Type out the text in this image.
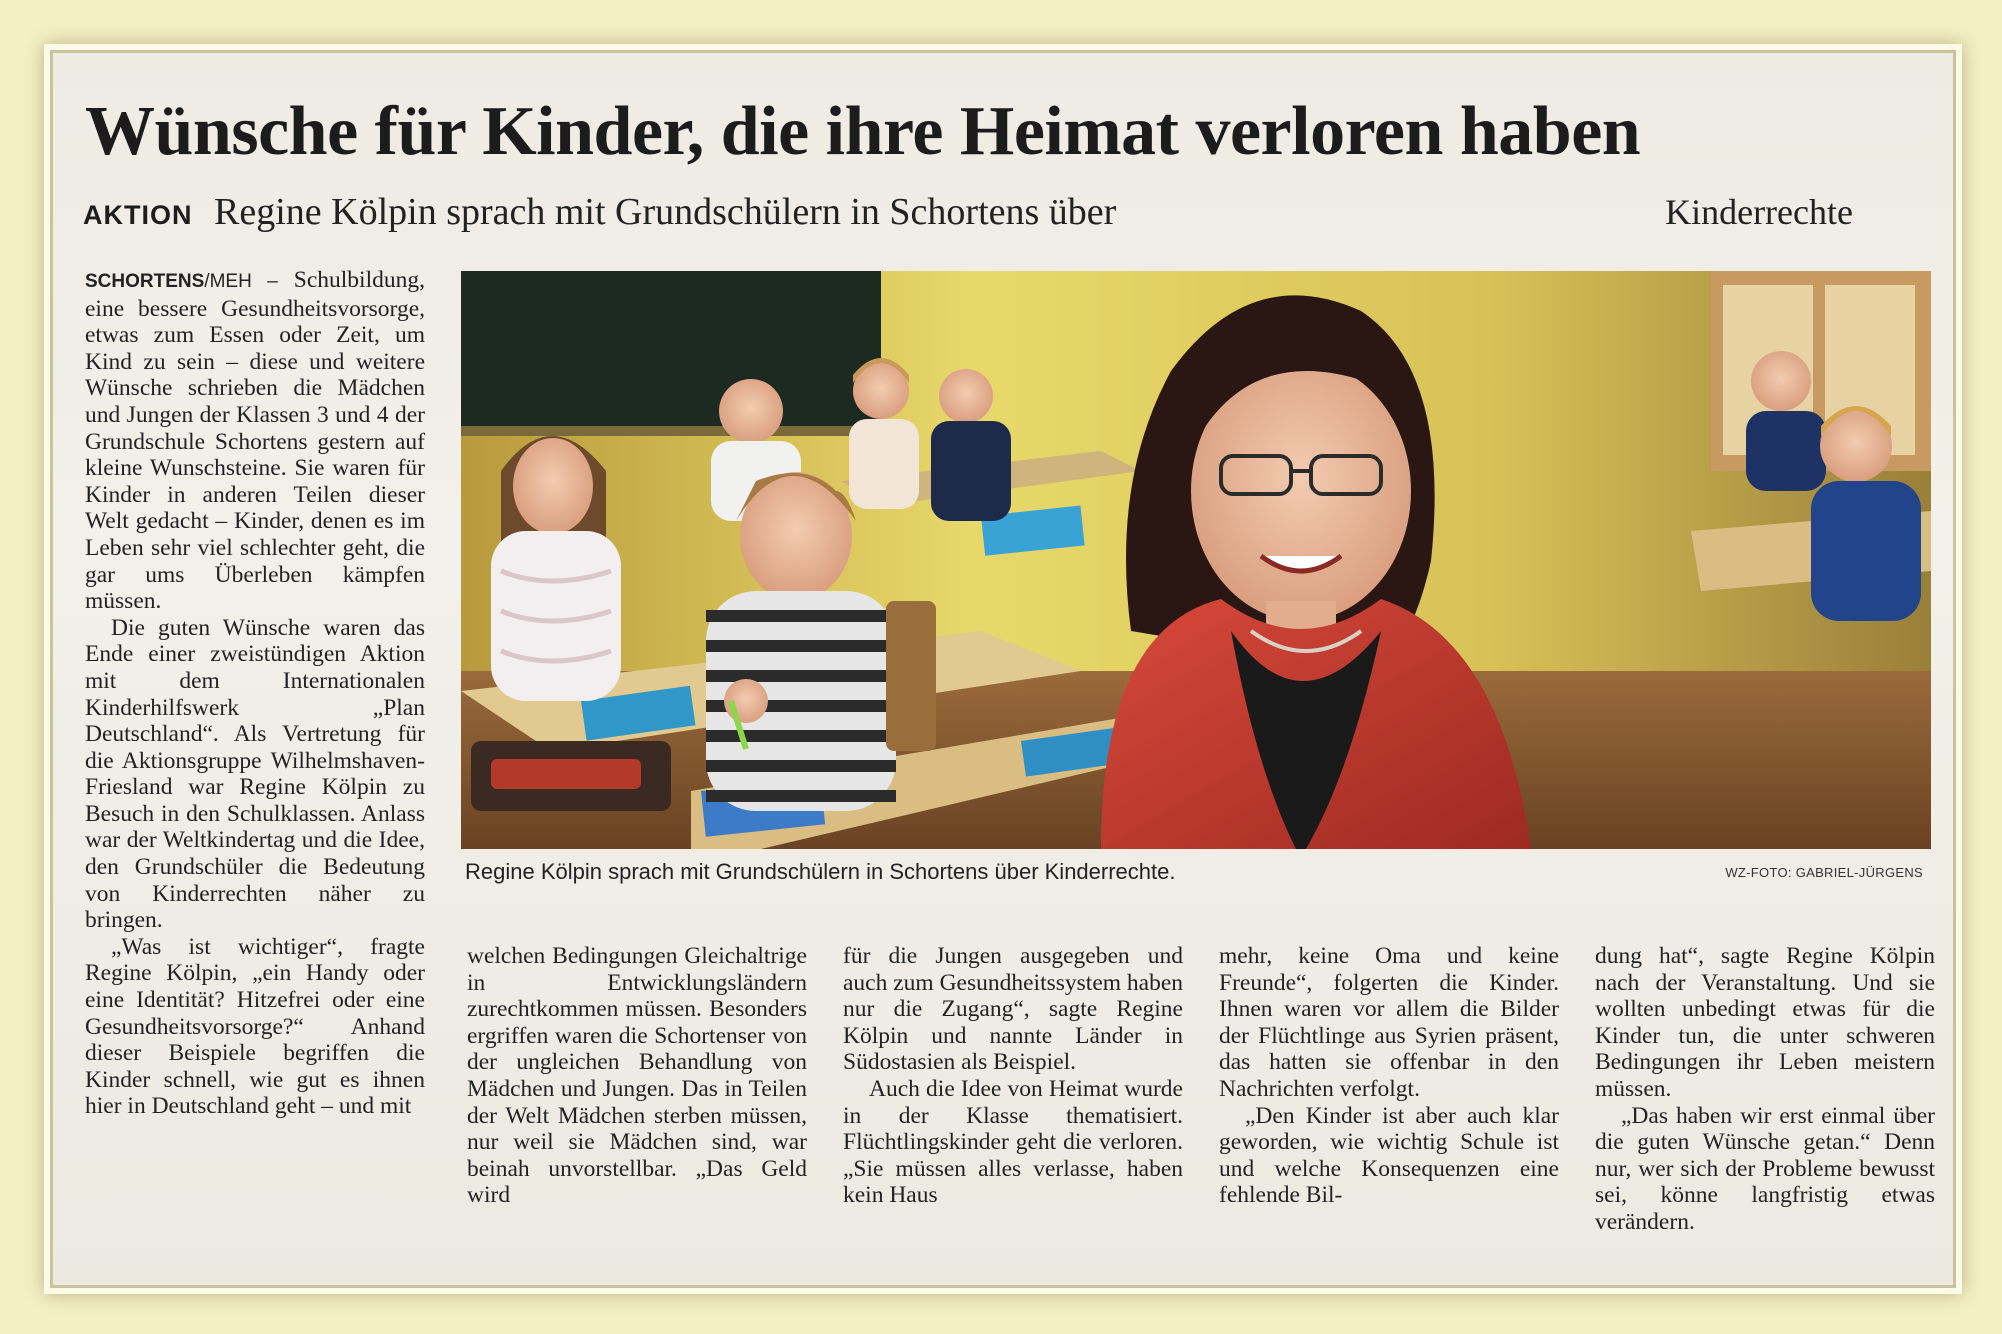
Wünsche für Kinder, die ihre Heimat verloren haben
AKTION Regine Kölpin sprach mit Grundschülern in Schortens über	Kinderrechte

SCHORTENS/MEH – Schulbildung, eine bessere Gesundheitsvorsorge, etwas zum Essen oder Zeit, um Kind zu sein – diese und weitere Wünsche schrieben die Mädchen und Jungen der Klassen 3 und 4 der Grundschule Schortens gestern auf kleine Wunschsteine. Sie waren für Kinder in anderen Teilen dieser Welt gedacht – Kinder, denen es im Leben sehr viel schlechter geht, die gar ums Überleben kämpfen müssen.

Die guten Wünsche waren das Ende einer zweistündigen Aktion mit dem Internationalen Kinderhilfswerk „Plan Deutschland“. Als Vertretung für die Aktionsgruppe Wilhelmshaven-Friesland war Regine Kölpin zu Besuch in den Schulklassen. Anlass war der Weltkindertag und die Idee, den Grundschüler die Bedeutung von Kinderrechten näher zu bringen.

„Was ist wichtiger“, fragte Regine Kölpin, „ein Handy oder eine Identität? Hitzefrei oder eine Gesundheitsvorsorge?“ Anhand dieser Beispiele begriffen die Kinder schnell, wie gut es ihnen hier in Deutschland geht – und mit

Regine Kölpin sprach mit Grundschülern in Schortens über Kinderrechte.	WZ-FOTO: GABRIEL-JÜRGENS

welchen Bedingungen Gleichaltrige in Entwicklungsländern zurechtkommen müssen. Besonders ergriffen waren die Schortenser von der ungleichen Behandlung von Mädchen und Jungen. Das in Teilen der Welt Mädchen sterben müssen, nur weil sie Mädchen sind, war beinah unvorstellbar. „Das Geld wird

für die Jungen ausgegeben und auch zum Gesundheitssystem haben nur die Zugang“, sagte Regine Kölpin und nannte Länder in Südostasien als Beispiel.

Auch die Idee von Heimat wurde in der Klasse thematisiert. Flüchtlingskinder geht die verloren. „Sie müssen alles verlasse, haben kein Haus

mehr, keine Oma und keine Freunde“, folgerten die Kinder. Ihnen waren vor allem die Bilder der Flüchtlinge aus Syrien präsent, das hatten sie offenbar in den Nachrichten verfolgt.

„Den Kinder ist aber auch klar geworden, wie wichtig Schule ist und welche Konsequenzen eine fehlende Bil-

dung hat“, sagte Regine Kölpin nach der Veranstaltung. Und sie wollten unbedingt etwas für die Kinder tun, die unter schweren Bedingungen ihr Leben meistern müssen.

„Das haben wir erst einmal über die guten Wünsche getan.“ Denn nur, wer sich der Probleme bewusst sei, könne langfristig etwas verändern.
